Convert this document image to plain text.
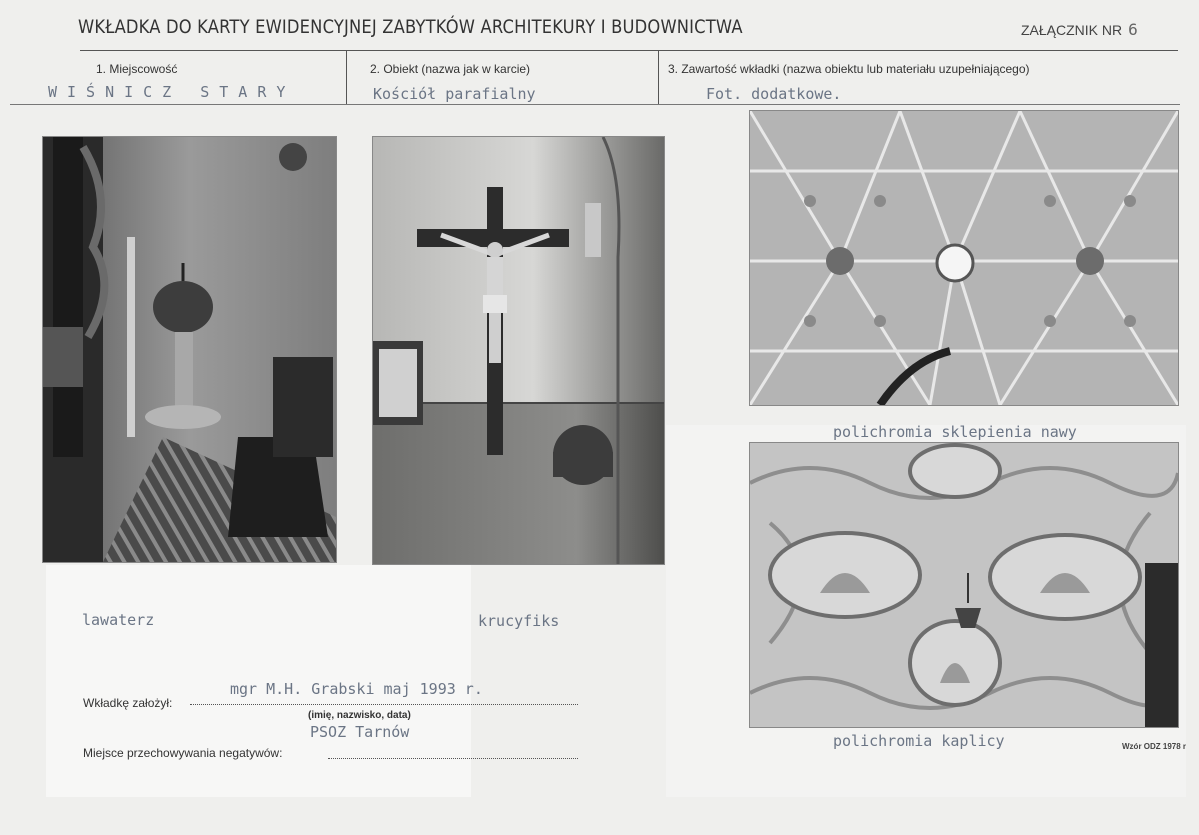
WKŁADKA DO KARTY EWIDENCYJNEJ ZABYTKÓW ARCHITEKURY I BUDOWNICTWA	ZAŁĄCZNIK NR 6
1. Miejscowość
WIŚNICZ STARY
2. Obiekt (nazwa jak w karcie)
Kościół parafialny
3. Zawartość wkładki (nazwa obiektu lub materiału uzupełniającego)
Fot. dodatkowe.
polichromia sklepienia nawy
polichromia kaplicy
lawaterz	krucyfiks
mgr M.H. Grabski maj 1993 r.
Wkładkę założył:
(imię, nazwisko, data)
PSOZ Tarnów
Miejsce przechowywania negatywów:	Wzór ODZ 1978 r
